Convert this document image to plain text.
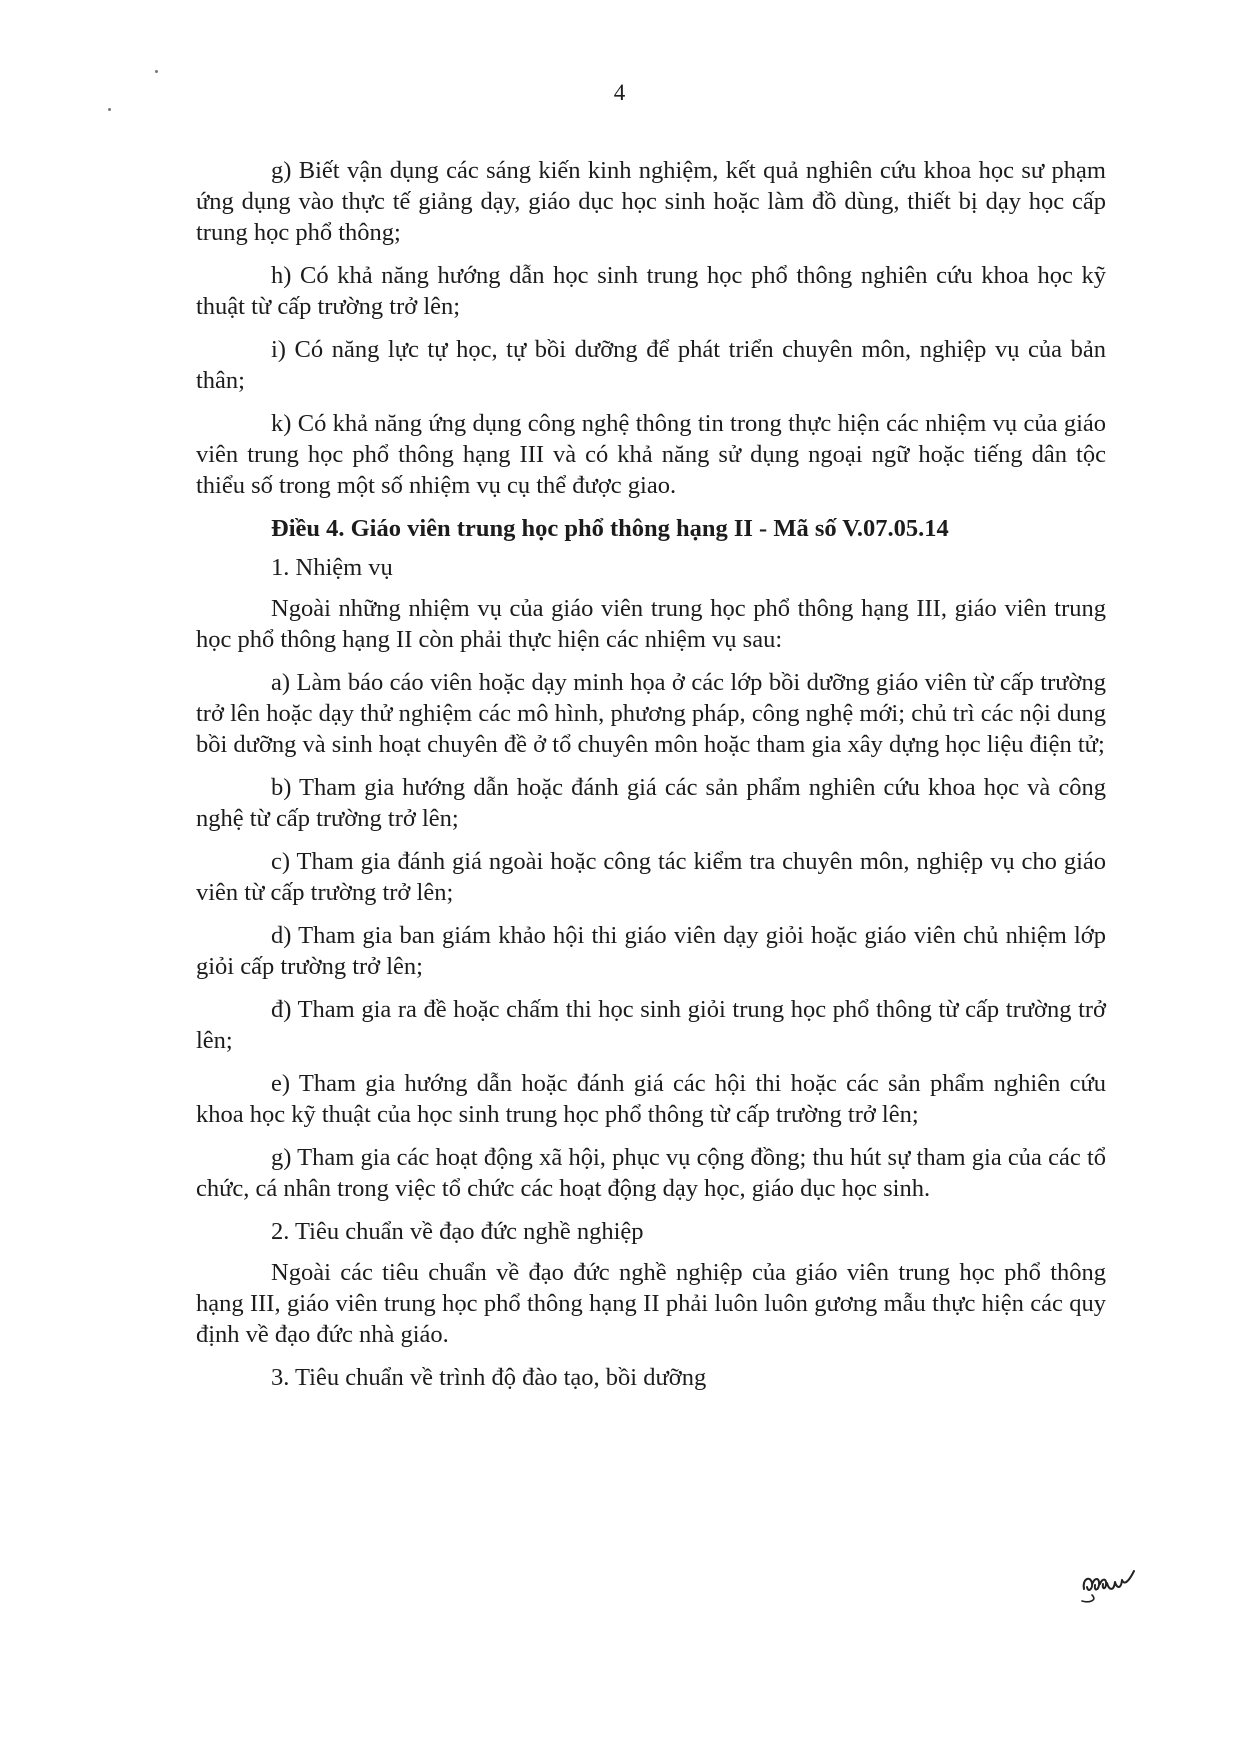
4

g) Biết vận dụng các sáng kiến kinh nghiệm, kết quả nghiên cứu khoa học sư phạm ứng dụng vào thực tế giảng dạy, giáo dục học sinh hoặc làm đồ dùng, thiết bị dạy học cấp trung học phổ thông;

h) Có khả năng hướng dẫn học sinh trung học phổ thông nghiên cứu khoa học kỹ thuật từ cấp trường trở lên;

i) Có năng lực tự học, tự bồi dưỡng để phát triển chuyên môn, nghiệp vụ của bản thân;

k) Có khả năng ứng dụng công nghệ thông tin trong thực hiện các nhiệm vụ của giáo viên trung học phổ thông hạng III và có khả năng sử dụng ngoại ngữ hoặc tiếng dân tộc thiểu số trong một số nhiệm vụ cụ thể được giao.

Điều 4. Giáo viên trung học phổ thông hạng II - Mã số V.07.05.14

1. Nhiệm vụ

Ngoài những nhiệm vụ của giáo viên trung học phổ thông hạng III, giáo viên trung học phổ thông hạng II còn phải thực hiện các nhiệm vụ sau:

a) Làm báo cáo viên hoặc dạy minh họa ở các lớp bồi dưỡng giáo viên từ cấp trường trở lên hoặc dạy thử nghiệm các mô hình, phương pháp, công nghệ mới; chủ trì các nội dung bồi dưỡng và sinh hoạt chuyên đề ở tổ chuyên môn hoặc tham gia xây dựng học liệu điện tử;

b) Tham gia hướng dẫn hoặc đánh giá các sản phẩm nghiên cứu khoa học và công nghệ từ cấp trường trở lên;

c) Tham gia đánh giá ngoài hoặc công tác kiểm tra chuyên môn, nghiệp vụ cho giáo viên từ cấp trường trở lên;

d) Tham gia ban giám khảo hội thi giáo viên dạy giỏi hoặc giáo viên chủ nhiệm lớp giỏi cấp trường trở lên;

đ) Tham gia ra đề hoặc chấm thi học sinh giỏi trung học phổ thông từ cấp trường trở lên;

e) Tham gia hướng dẫn hoặc đánh giá các hội thi hoặc các sản phẩm nghiên cứu khoa học kỹ thuật của học sinh trung học phổ thông từ cấp trường trở lên;

g) Tham gia các hoạt động xã hội, phục vụ cộng đồng; thu hút sự tham gia của các tổ chức, cá nhân trong việc tổ chức các hoạt động dạy học, giáo dục học sinh.

2. Tiêu chuẩn về đạo đức nghề nghiệp

Ngoài các tiêu chuẩn về đạo đức nghề nghiệp của giáo viên trung học phổ thông hạng III, giáo viên trung học phổ thông hạng II phải luôn luôn gương mẫu thực hiện các quy định về đạo đức nhà giáo.

3. Tiêu chuẩn về trình độ đào tạo, bồi dưỡng
